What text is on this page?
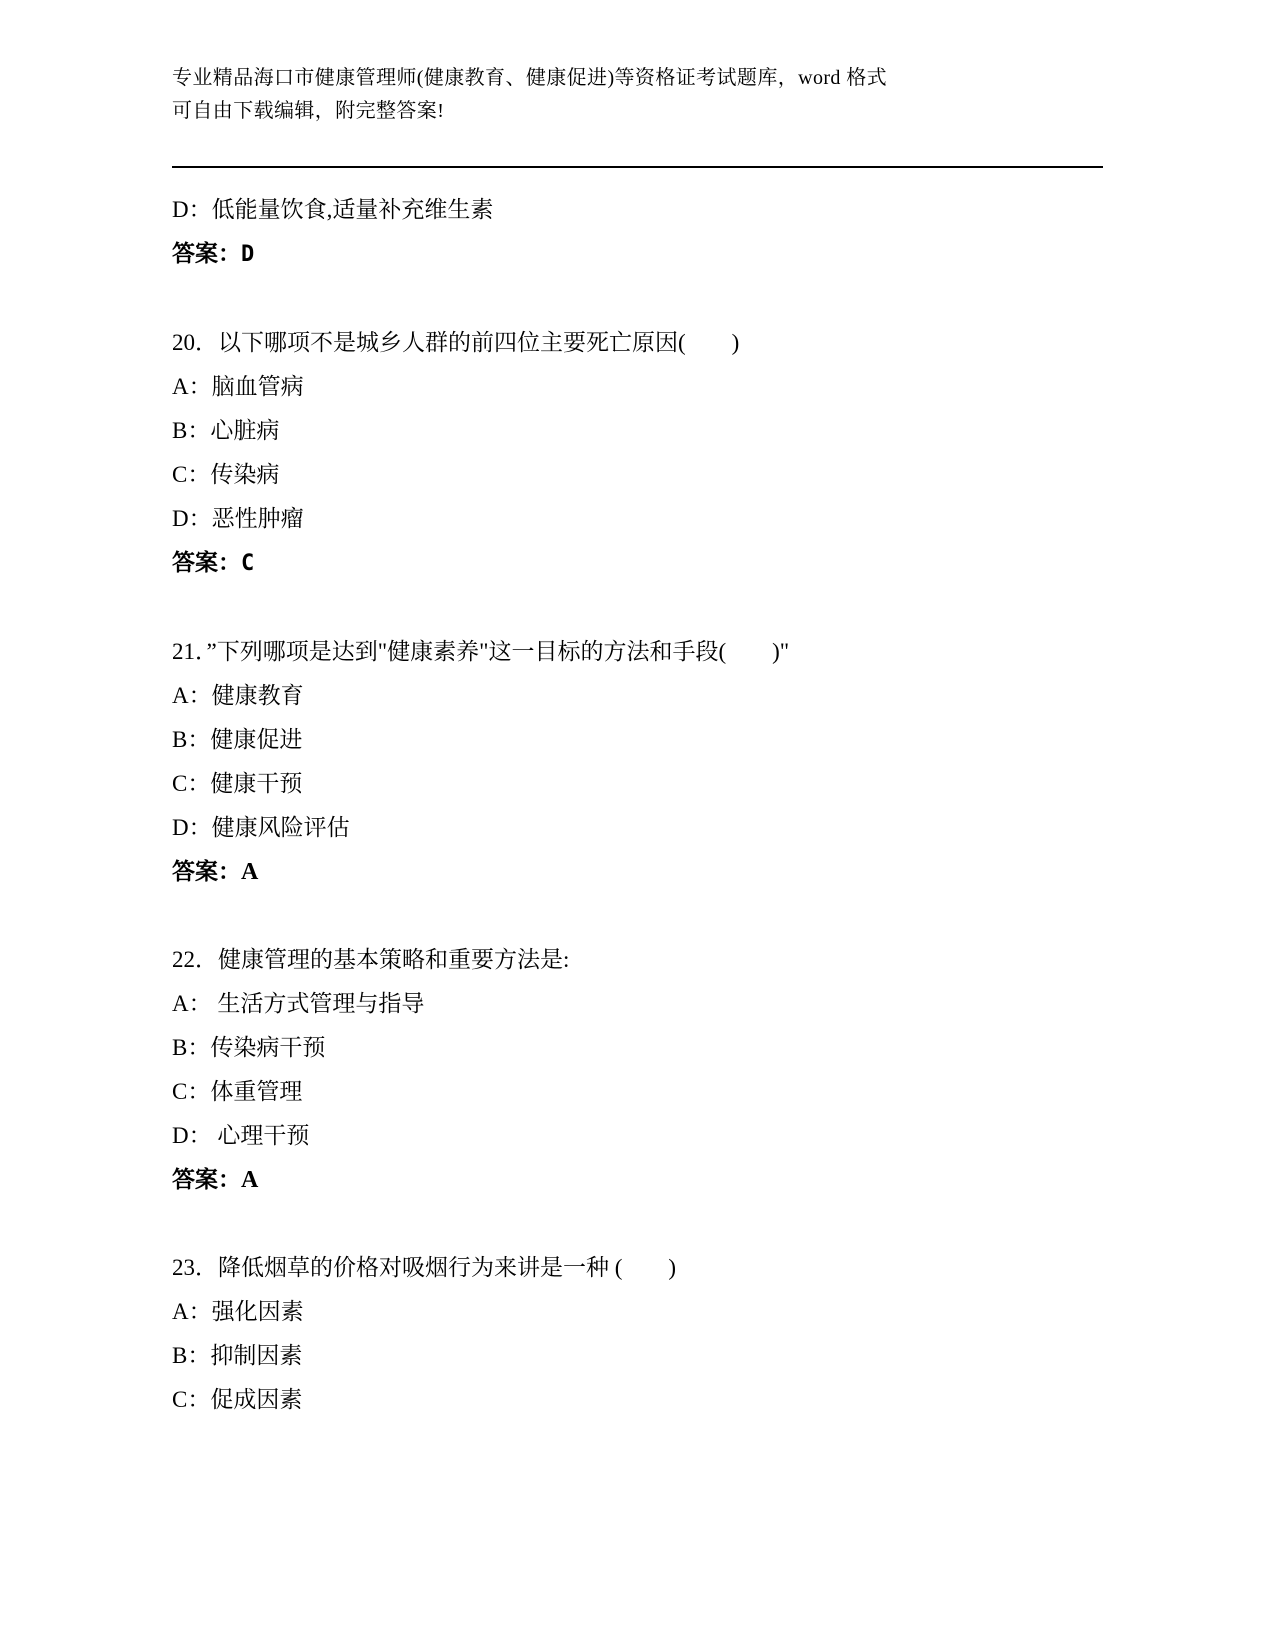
专业精品海口市健康管理师(健康教育、健康促进)等资格证考试题库，word 格式
可自由下载编辑，附完整答案!
D：低能量饮食,适量补充维生素
答案：D
20．以下哪项不是城乡人群的前四位主要死亡原因(　　)
A：脑血管病
B：心脏病
C：传染病
D：恶性肿瘤
答案：C
21．”下列哪项是达到"健康素养"这一目标的方法和手段(　　)"
A：健康教育
B：健康促进
C：健康干预
D：健康风险评估
答案：A
22．健康管理的基本策略和重要方法是:
A： 生活方式管理与指导
B：传染病干预
C：体重管理
D： 心理干预
答案：A
23．降低烟草的价格对吸烟行为来讲是一种 (　　)
A：强化因素
B：抑制因素
C：促成因素
